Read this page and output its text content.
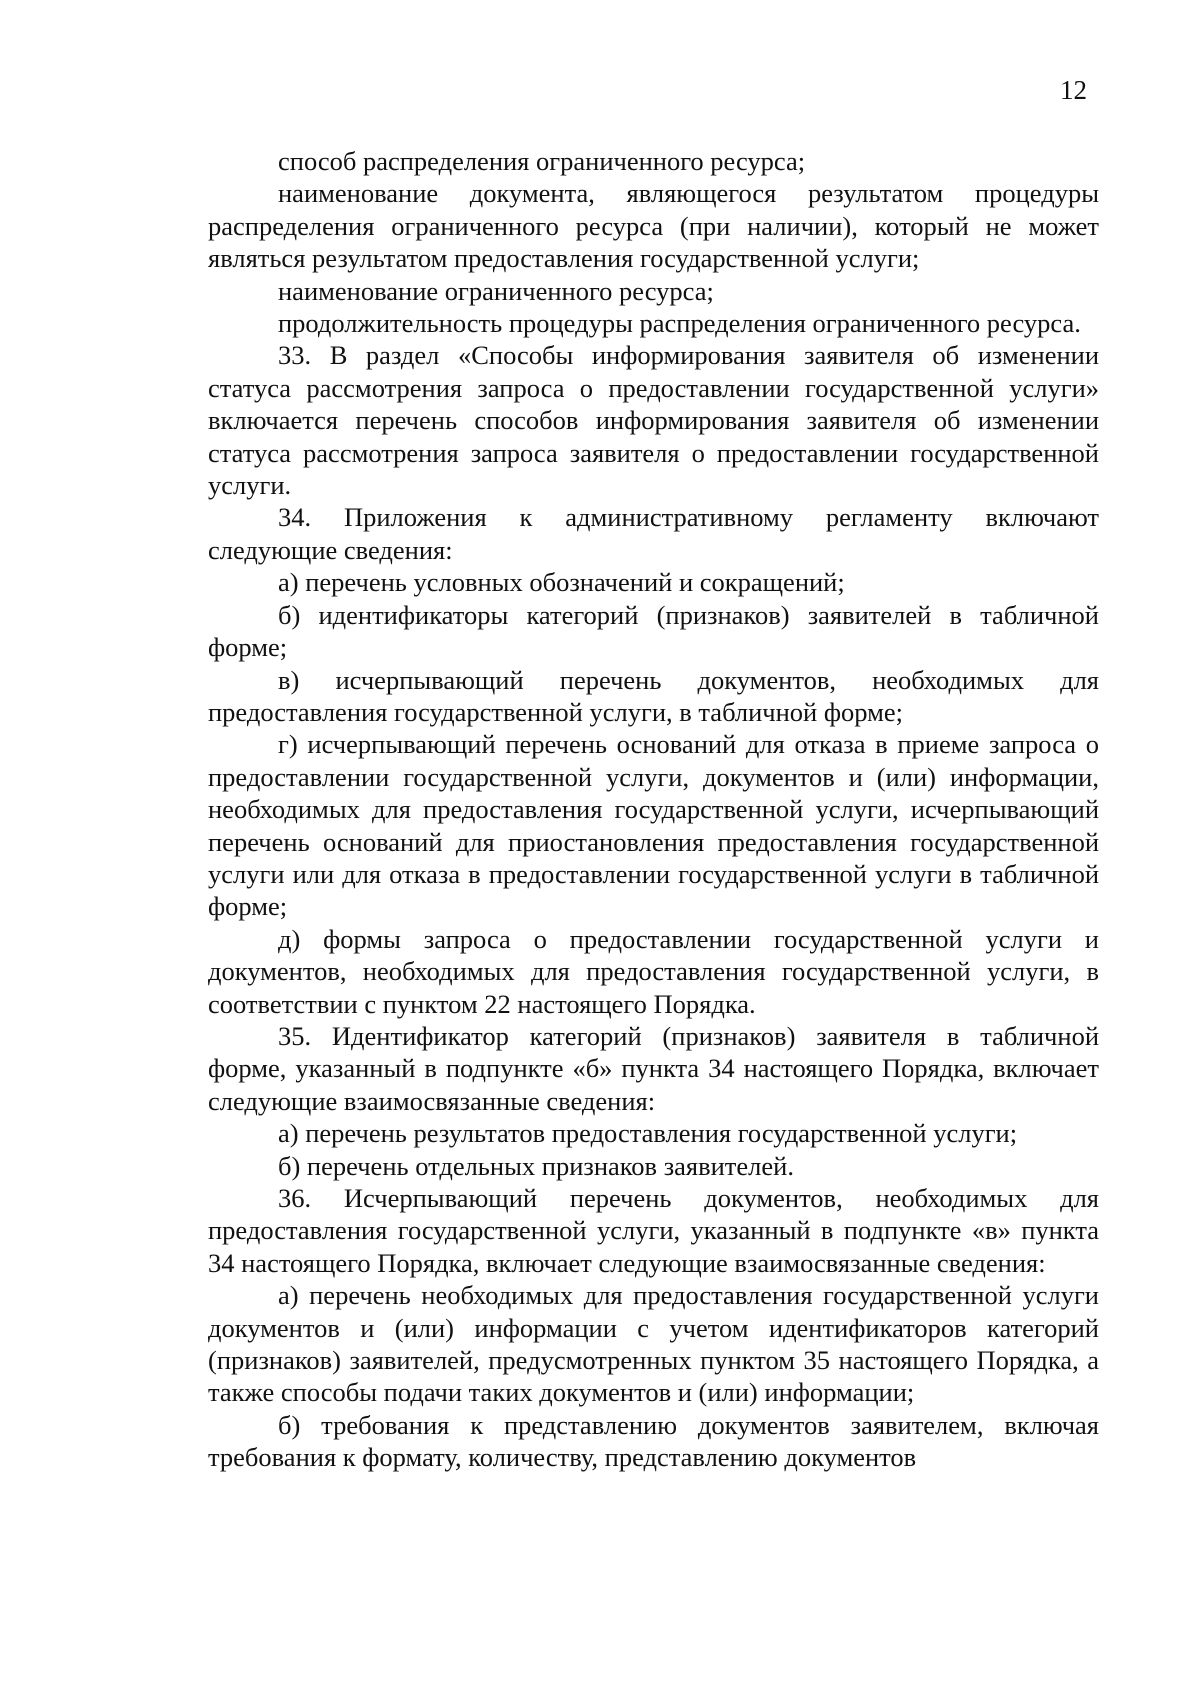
12

способ распределения ограниченного ресурса;

наименование документа, являющегося результатом процедуры распределения ограниченного ресурса (при наличии), который не может являться результатом предоставления государственной услуги;

наименование ограниченного ресурса;

продолжительность процедуры распределения ограниченного ресурса.

33. В раздел «Способы информирования заявителя об изменении статуса рассмотрения запроса о предоставлении государственной услуги» включается перечень способов информирования заявителя об изменении статуса рассмотрения запроса заявителя о предоставлении государственной услуги.

34. Приложения к административному регламенту включают следующие сведения:

а) перечень условных обозначений и сокращений;

б) идентификаторы категорий (признаков) заявителей в табличной форме;

в) исчерпывающий перечень документов, необходимых для предоставления государственной услуги, в табличной форме;

г) исчерпывающий перечень оснований для отказа в приеме запроса о предоставлении государственной услуги, документов и (или) информации, необходимых для предоставления государственной услуги, исчерпывающий перечень оснований для приостановления предоставления государственной услуги или для отказа в предоставлении государственной услуги в табличной форме;

д) формы запроса о предоставлении государственной услуги и документов, необходимых для предоставления государственной услуги, в соответствии с пунктом 22 настоящего Порядка.

35. Идентификатор категорий (признаков) заявителя в табличной форме, указанный в подпункте «б» пункта 34 настоящего Порядка, включает следующие взаимосвязанные сведения:

а) перечень результатов предоставления государственной услуги;

б) перечень отдельных признаков заявителей.

36. Исчерпывающий перечень документов, необходимых для предоставления государственной услуги, указанный в подпункте «в» пункта 34 настоящего Порядка, включает следующие взаимосвязанные сведения:

а) перечень необходимых для предоставления государственной услуги документов и (или) информации с учетом идентификаторов категорий (признаков) заявителей, предусмотренных пунктом 35 настоящего Порядка, а также способы подачи таких документов и (или) информации;

б) требования к представлению документов заявителем, включая требования к формату, количеству, представлению документов
